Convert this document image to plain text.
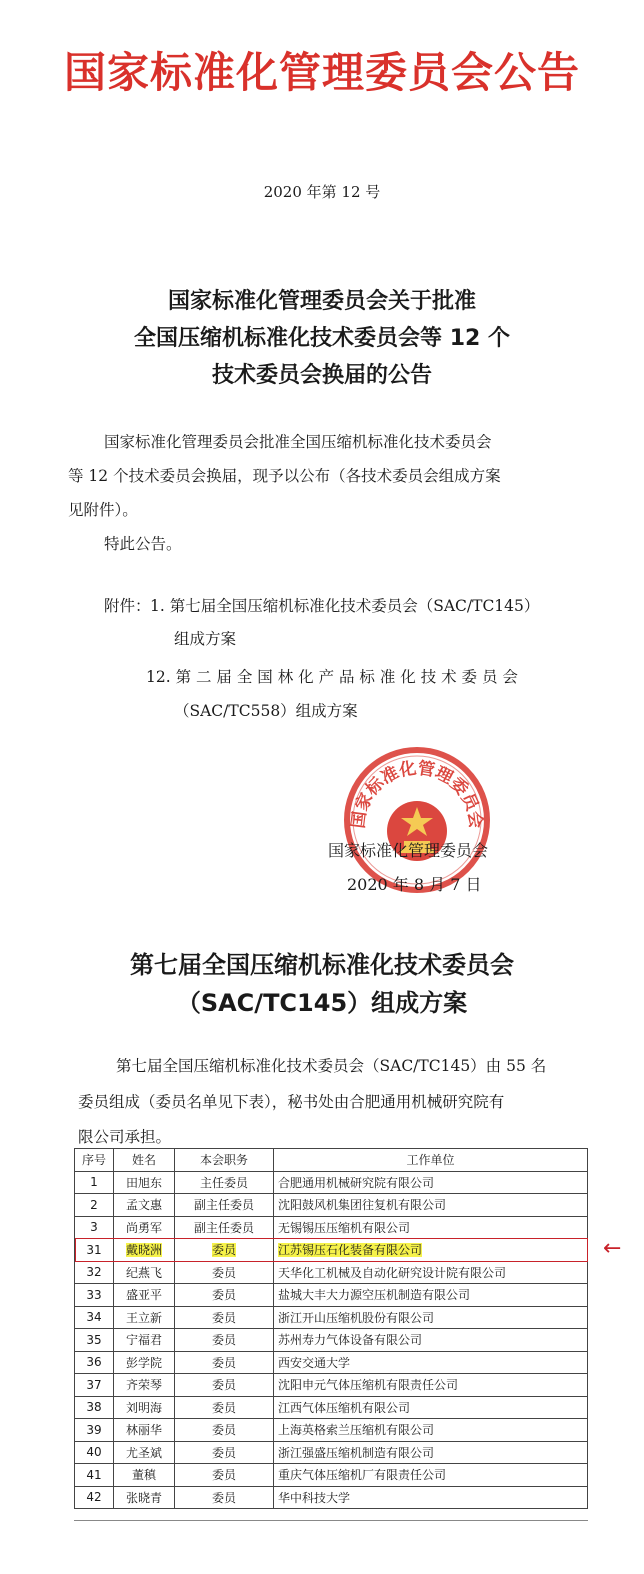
国家标准化管理委员会公告
2020 年第 12 号
国家标准化管理委员会关于批准
全国压缩机标准化技术委员会等 12 个
技术委员会换届的公告
国家标准化管理委员会批准全国压缩机标准化技术委员会
等 12 个技术委员会换届，现予以公布（各技术委员会组成方案
见附件）。
特此公告。
附件： 1. 第七届全国压缩机标准化技术委员会（SAC/TC145）
组成方案
12. 第 二 届 全 国 林 化 产 品 标 准 化 技 术 委 员 会
（SAC/TC558）组成方案
国家标准化管理委员会
国家标准化管理委员会
2020 年 8 月 7 日
第七届全国压缩机标准化技术委员会
（SAC/TC145）组成方案
第七届全国压缩机标准化技术委员会（SAC/TC145）由 55 名
委员组成（委员名单见下表），秘书处由合肥通用机械研究院有
限公司承担。
序号	姓名	本会职务	工作单位
1	田旭东	主任委员	合肥通用机械研究院有限公司
2	孟文惠	副主任委员	沈阳鼓风机集团往复机有限公司
3	尚勇军	副主任委员	无锡锡压压缩机有限公司
31	戴晓洲	委员	江苏锡压石化装备有限公司
32	纪燕飞	委员	天华化工机械及自动化研究设计院有限公司
33	盛亚平	委员	盐城大丰大力源空压机制造有限公司
34	王立新	委员	浙江开山压缩机股份有限公司
35	宁福君	委员	苏州寿力气体设备有限公司
36	彭学院	委员	西安交通大学
37	齐荣琴	委员	沈阳申元气体压缩机有限责任公司
38	刘明海	委员	江西气体压缩机有限公司
39	林丽华	委员	上海英格索兰压缩机有限公司
40	尤圣斌	委员	浙江强盛压缩机制造有限公司
41	董稹	委员	重庆气体压缩机厂有限责任公司
42	张晓青	委员	华中科技大学
←
